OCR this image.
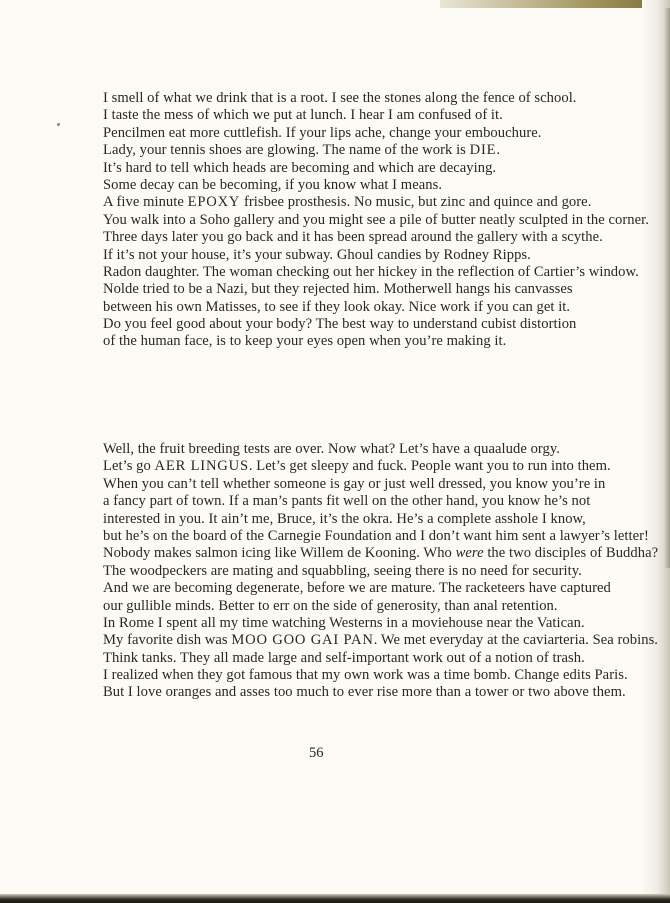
I smell of what we drink that is a root. I see the stones along the fence of school.
I taste the mess of which we put at lunch. I hear I am confused of it.
Pencilmen eat more cuttlefish. If your lips ache, change your embouchure.
Lady, your tennis shoes are glowing. The name of the work is DIE.
It’s hard to tell which heads are becoming and which are decaying.
Some decay can be becoming, if you know what I means.
A five minute EPOXY frisbee prosthesis. No music, but zinc and quince and gore.
You walk into a Soho gallery and you might see a pile of butter neatly sculpted in the corner.
Three days later you go back and it has been spread around the gallery with a scythe.
If it’s not your house, it’s your subway. Ghoul candies by Rodney Ripps.
Radon daughter. The woman checking out her hickey in the reflection of Cartier’s window.
Nolde tried to be a Nazi, but they rejected him. Motherwell hangs his canvasses
between his own Matisses, to see if they look okay. Nice work if you can get it.
Do you feel good about your body? The best way to understand cubist distortion
of the human face, is to keep your eyes open when you’re making it.
Well, the fruit breeding tests are over. Now what? Let’s have a quaalude orgy.
Let’s go AER LINGUS. Let’s get sleepy and fuck. People want you to run into them.
When you can’t tell whether someone is gay or just well dressed, you know you’re in
a fancy part of town. If a man’s pants fit well on the other hand, you know he’s not
interested in you. It ain’t me, Bruce, it’s the okra. He’s a complete asshole I know,
but he’s on the board of the Carnegie Foundation and I don’t want him sent a lawyer’s letter!
Nobody makes salmon icing like Willem de Kooning. Who were the two disciples of Buddha?
The woodpeckers are mating and squabbling, seeing there is no need for security.
And we are becoming degenerate, before we are mature. The racketeers have captured
our gullible minds. Better to err on the side of generosity, than anal retention.
In Rome I spent all my time watching Westerns in a moviehouse near the Vatican.
My favorite dish was MOO GOO GAI PAN. We met everyday at the caviarteria. Sea robins.
Think tanks. They all made large and self-important work out of a notion of trash.
I realized when they got famous that my own work was a time bomb. Change edits Paris.
But I love oranges and asses too much to ever rise more than a tower or two above them.
56
